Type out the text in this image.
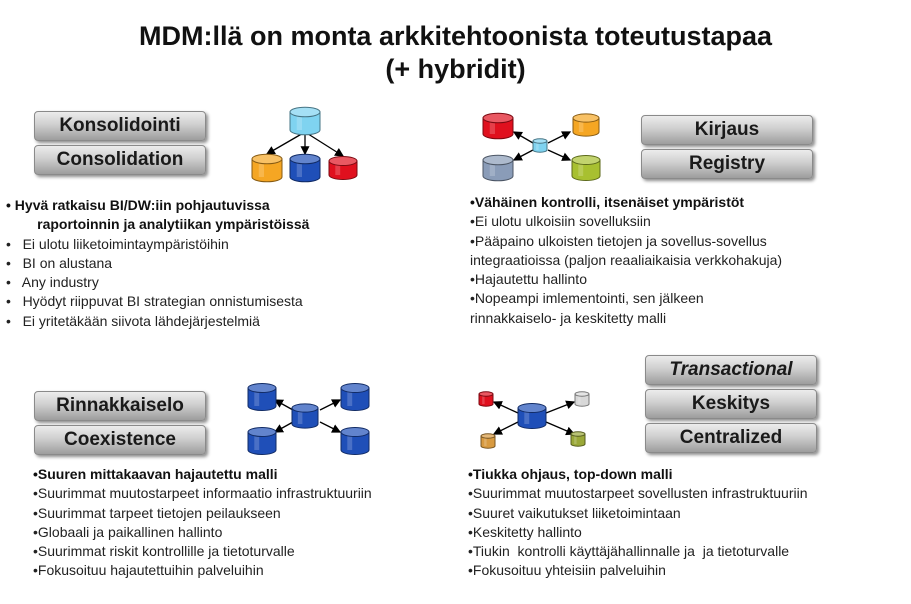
MDM:llä on monta arkkitehtoonista toteutustapaa
(+ hybridit)
Konsolidointi
Consolidation
• Hyvä ratkaisu BI/DW:iin pohjautuvissa
raportoinnin ja analytiikan ympäristöissä
•   Ei ulotu liiketoimintaympäristöihin
•   BI on alustana
•   Any industry
•   Hyödyt riippuvat BI strategian onnistumisesta
•   Ei yritetäkään siivota lähdejärjestelmiä
Kirjaus
Registry
•Vähäinen kontrolli, itsenäiset ympäristöt
•Ei ulotu ulkoisiin sovelluksiin
•Pääpaino ulkoisten tietojen ja sovellus-sovellus
integraatioissa (paljon reaaliaikaisia verkkohakuja)
•Hajautettu hallinto
•Nopeampi imlementointi, sen jälkeen
rinnakkaiselo- ja keskitetty malli
Rinnakkaiselo
Coexistence
•Suuren mittakaavan hajautettu malli
•Suurimmat muutostarpeet informaatio infrastruktuuriin
•Suurimmat tarpeet tietojen peilaukseen
•Globaali ja paikallinen hallinto
•Suurimmat riskit kontrollille ja tietoturvalle
•Fokusoituu hajautettuihin palveluihin
Transactional
Keskitys
Centralized
•Tiukka ohjaus, top-down malli
•Suurimmat muutostarpeet sovellusten infrastruktuuriin
•Suuret vaikutukset liiketoimintaan
•Keskitetty hallinto
•Tiukin  kontrolli käyttäjähallinnalle ja  ja tietoturvalle
•Fokusoituu yhteisiin palveluihin
